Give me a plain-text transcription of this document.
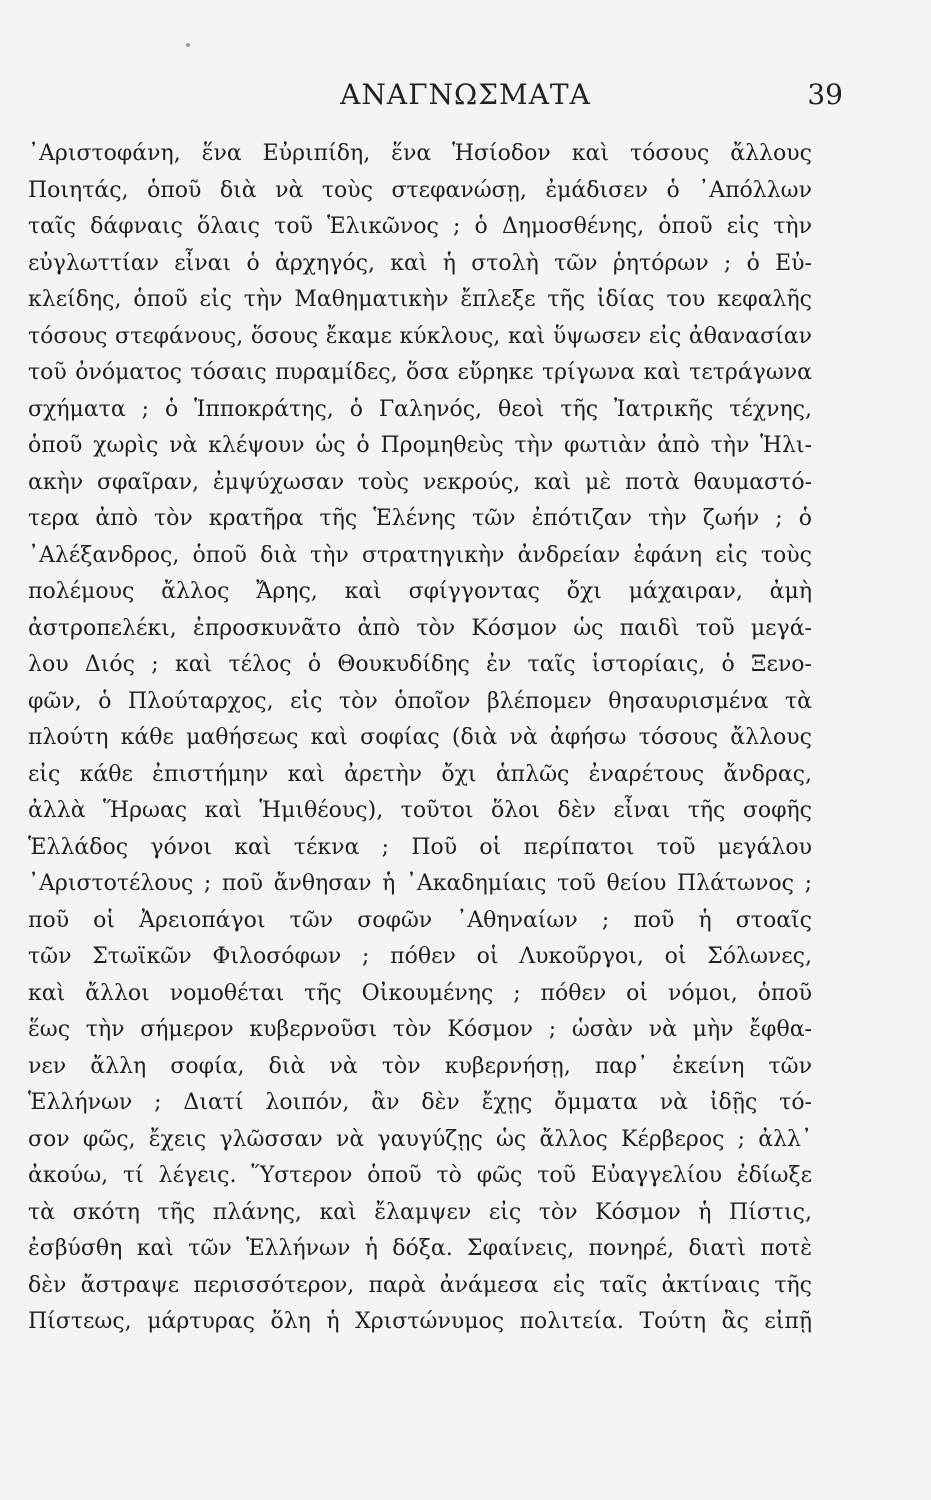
ΑΝΑΓΝΩΣΜΑΤΑ	39
᾿Αριστοφάνη, ἕνα Εὐριπίδη, ἕνα Ἡσίοδον καὶ τόσους ἄλλους
Ποιητάς, ὁποῦ διὰ νὰ τοὺς στεφανώσῃ, ἐμάδισεν ὁ ᾿Απόλλων
ταῖς δάφναις ὅλαις τοῦ Ἑλικῶνος ; ὁ Δημοσθένης, ὁποῦ εἰς τὴν
εὐγλωττίαν εἶναι ὁ ἀρχηγός, καὶ ἡ στολὴ τῶν ῥητόρων ; ὁ Εὐ-
κλείδης, ὁποῦ εἰς τὴν Μαθηματικὴν ἔπλεξε τῆς ἰδίας του κεφαλῆς
τόσους στεφάνους, ὅσους ἔκαμε κύκλους, καὶ ὕψωσεν εἰς ἀθανασίαν
τοῦ ὀνόματος τόσαις πυραμίδες, ὅσα εὕρηκε τρίγωνα καὶ τετράγωνα
σχήματα ; ὁ Ἱπποκράτης, ὁ Γαληνός, θεοὶ τῆς Ἰατρικῆς τέχνης,
ὁποῦ χωρὶς νὰ κλέψουν ὡς ὁ Προμηθεὺς τὴν φωτιὰν ἀπὸ τὴν Ἡλι-
ακὴν σφαῖραν, ἐμψύχωσαν τοὺς νεκρούς, καὶ μὲ ποτὰ θαυμαστό-
τερα ἀπὸ τὸν κρατῆρα τῆς Ἑλένης τῶν ἐπότιζαν τὴν ζωήν ; ὁ
᾿Αλέξανδρος, ὁποῦ διὰ τὴν στρατηγικὴν ἀνδρείαν ἐφάνη εἰς τοὺς
πολέμους ἄλλος Ἄρης, καὶ σφίγγοντας ὄχι μάχαιραν, ἀμὴ
ἀστροπελέκι, ἐπροσκυνᾶτο ἀπὸ τὸν Κόσμον ὡς παιδὶ τοῦ μεγά-
λου Διός ; καὶ τέλος ὁ Θουκυδίδης ἐν ταῖς ἱστορίαις, ὁ Ξενο-
φῶν, ὁ Πλούταρχος, εἰς τὸν ὁποῖον βλέπομεν θησαυρισμένα τὰ
πλούτη κάθε μαθήσεως καὶ σοφίας (διὰ νὰ ἀφήσω τόσους ἄλλους
εἰς κάθε ἐπιστήμην καὶ ἀρετὴν ὄχι ἁπλῶς ἐναρέτους ἄνδρας,
ἀλλὰ Ἥρωας καὶ Ἡμιθέους), τοῦτοι ὅλοι δὲν εἶναι τῆς σοφῆς
Ἑλλάδος γόνοι καὶ τέκνα ; Ποῦ οἱ περίπατοι τοῦ μεγάλου
᾿Αριστοτέλους ; ποῦ ἄνθησαν ἡ ᾿Ακαδημίαις τοῦ θείου Πλάτωνος ;
ποῦ οἱ Ἀρειοπάγοι τῶν σοφῶν ᾿Αθηναίων ; ποῦ ἡ στοαῖς
τῶν Στωϊκῶν Φιλοσόφων ; πόθεν οἱ Λυκοῦργοι, οἱ Σόλωνες,
καὶ ἄλλοι νομοθέται τῆς Οἰκουμένης ; πόθεν οἱ νόμοι, ὁποῦ
ἕως τὴν σήμερον κυβερνοῦσι τὸν Κόσμον ; ὡσὰν νὰ μὴν ἔφθα-
νεν ἄλλη σοφία, διὰ νὰ τὸν κυβερνήσῃ, παρ᾿ ἐκείνη τῶν
Ἑλλήνων ; Διατί λοιπόν, ἂν δὲν ἔχῃς ὄμματα νὰ ἰδῇς τό-
σον φῶς, ἔχεις γλῶσσαν νὰ γαυγύζῃς ὡς ἄλλος Κέρβερος ; ἀλλ᾿
ἀκούω, τί λέγεις. Ὕστερον ὁποῦ τὸ φῶς τοῦ Εὐαγγελίου ἐδίωξε
τὰ σκότη τῆς πλάνης, καὶ ἔλαμψεν εἰς τὸν Κόσμον ἡ Πίστις,
ἐσβύσθη καὶ τῶν Ἑλλήνων ἡ δόξα. Σφαίνεις, πονηρέ, διατὶ ποτὲ
δὲν ἄστραψε περισσότερον, παρὰ ἀνάμεσα εἰς ταῖς ἀκτίναις τῆς
Πίστεως, μάρτυρας ὅλη ἡ Χριστώνυμος πολιτεία. Τούτη ἂς εἰπῇ
